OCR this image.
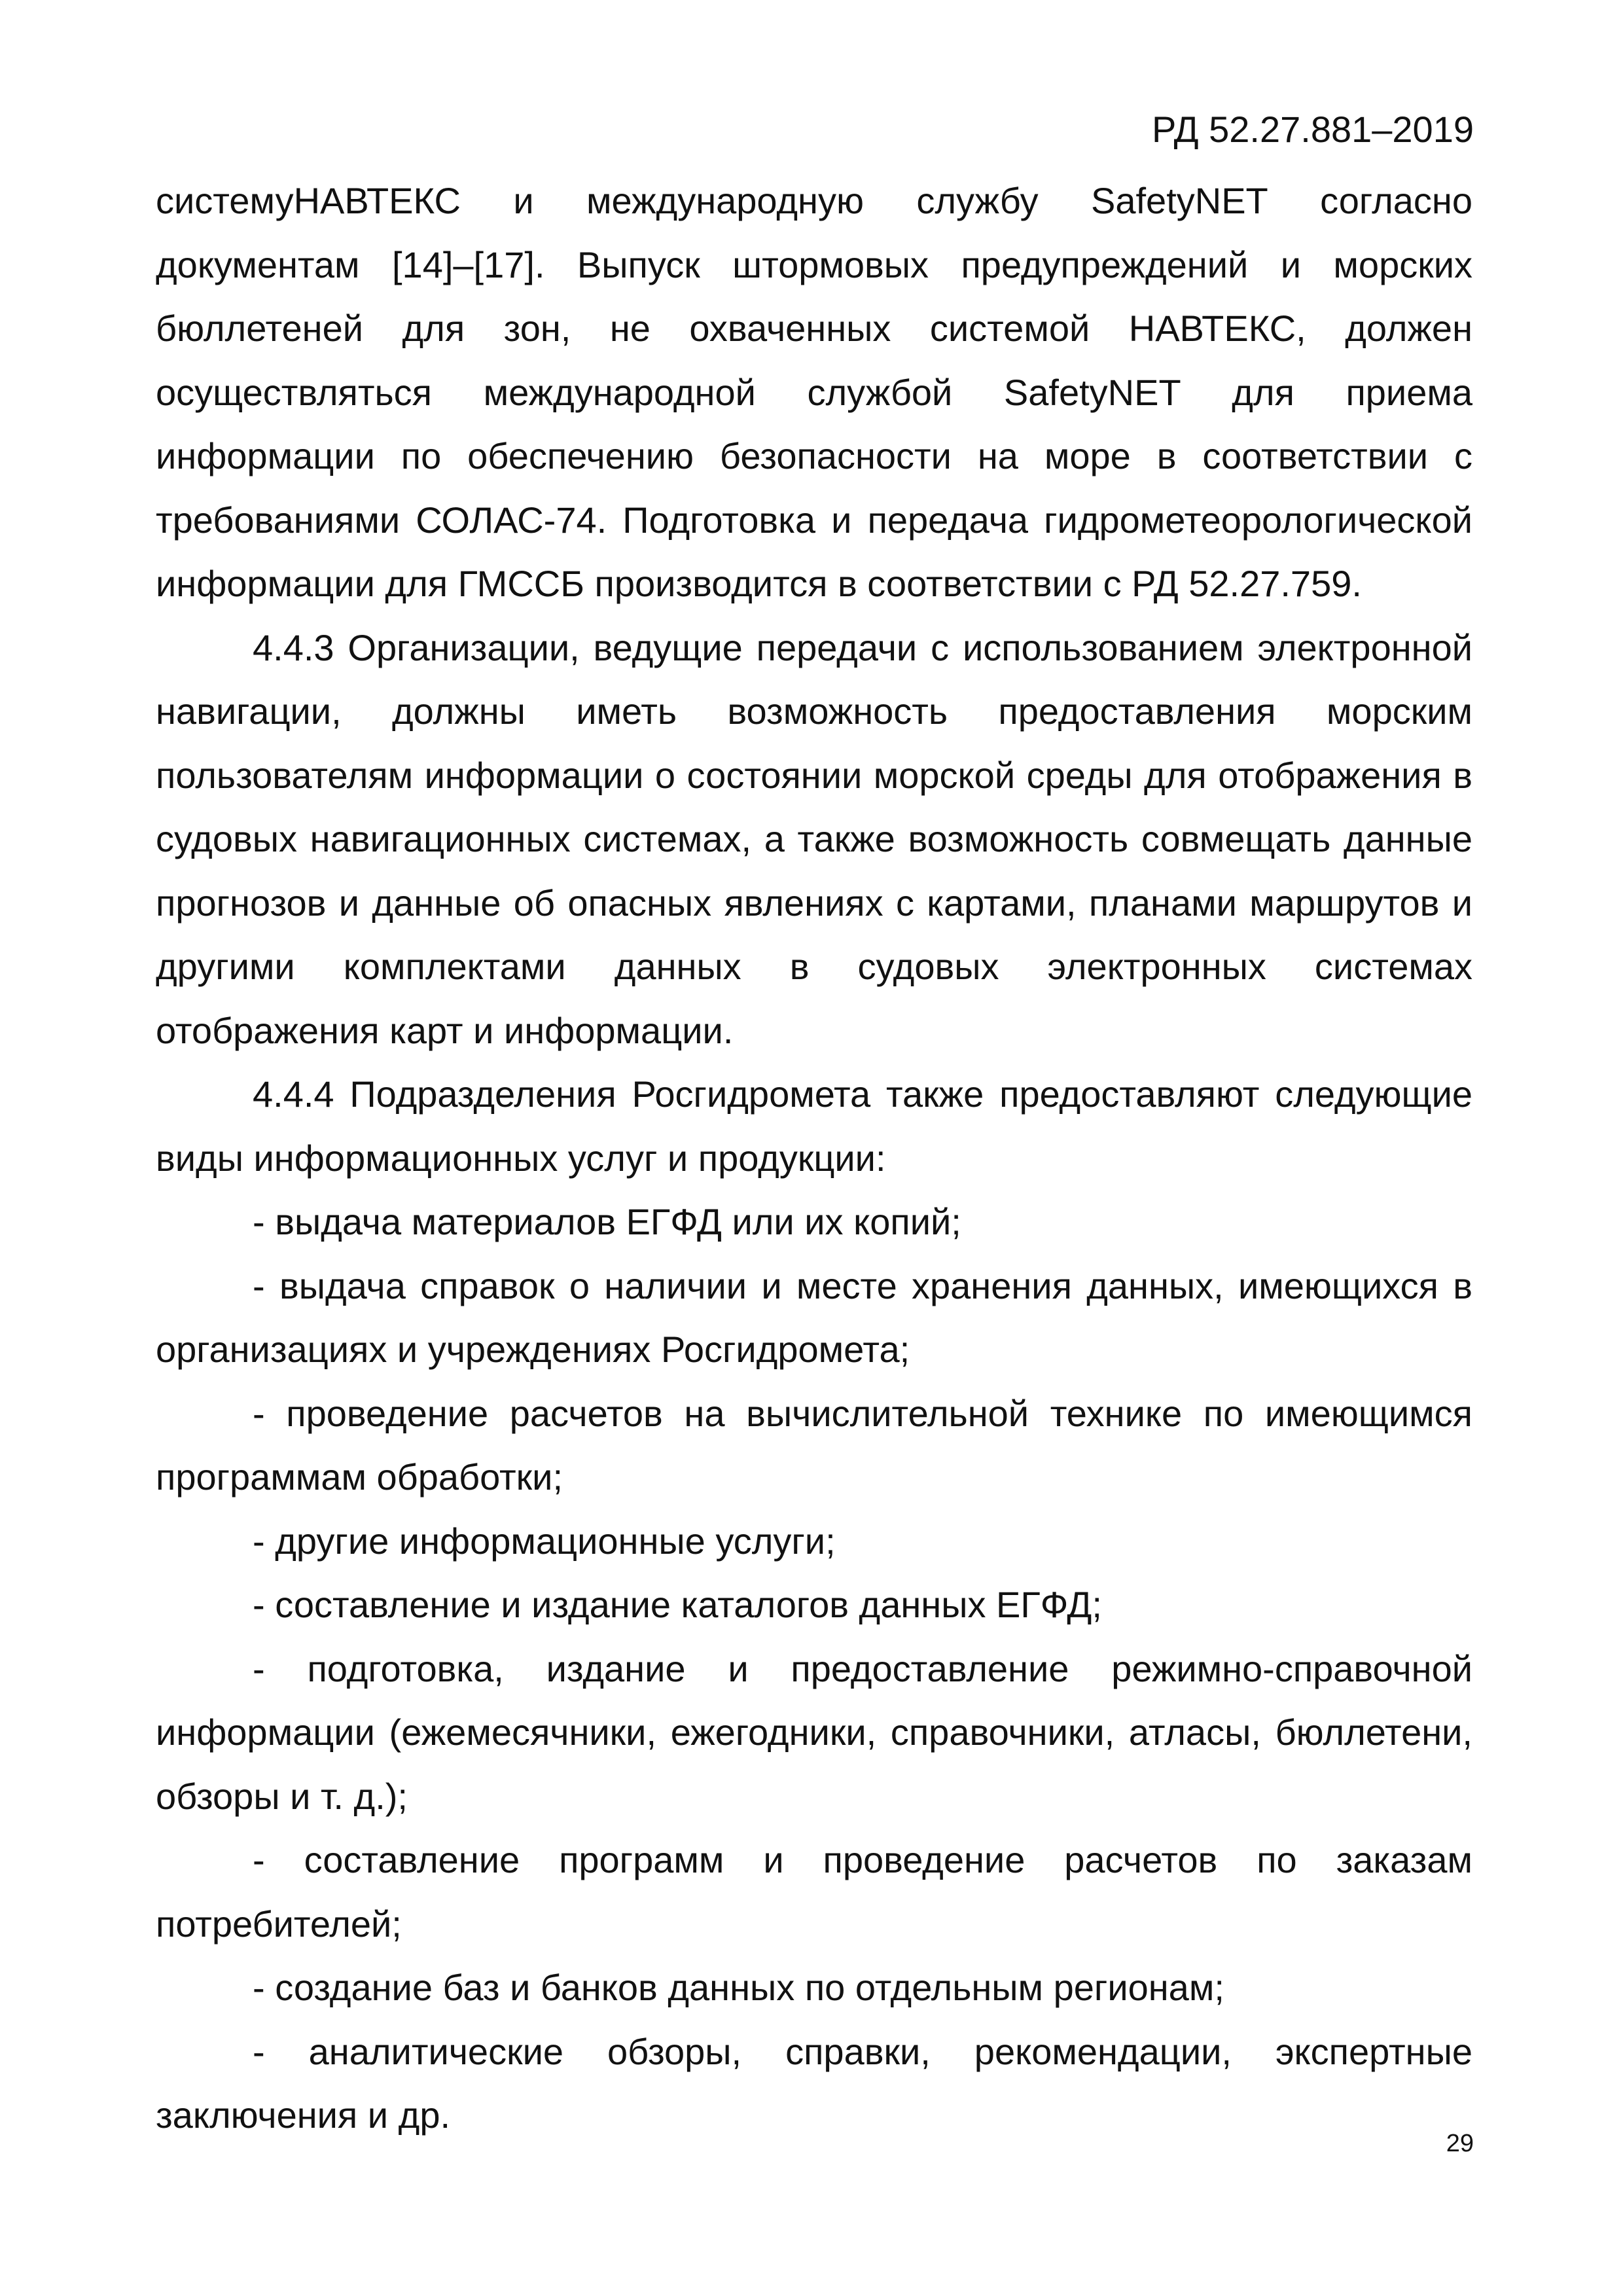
РД 52.27.881–2019

системуНАВТЕКС и международную службу SafetyNET согласно документам [14]–[17]. Выпуск штормовых предупреждений и морских бюллетеней для зон, не охваченных системой НАВТЕКС, должен осуществляться международной службой SafetyNET для приема информации по обеспечению безопасности на море в соответствии с требованиями СОЛАС-74. Подготовка и передача гидрометеорологической информации для ГМССБ производится в соответствии с РД 52.27.759.

4.4.3 Организации, ведущие передачи с использованием электронной навигации, должны иметь возможность предоставления морским пользователям информации о состоянии морской среды для отображения в судовых навигационных системах, а также возможность совмещать данные прогнозов и данные об опасных явлениях с картами, планами маршрутов и другими комплектами данных в судовых электронных системах отображения карт и информации.

4.4.4 Подразделения Росгидромета также предоставляют следующие виды информационных услуг и продукции:

- выдача материалов ЕГФД или их копий;

- выдача справок о наличии и месте хранения данных, имеющихся в организациях и учреждениях Росгидромета;

- проведение расчетов на вычислительной технике по имеющимся программам обработки;

- другие информационные услуги;

- составление и издание каталогов данных ЕГФД;

- подготовка, издание и предоставление режимно-справочной информации (ежемесячники, ежегодники, справочники, атласы, бюллетени, обзоры и т. д.);

- составление программ и проведение расчетов по заказам потребителей;

- создание баз и банков данных по отдельным регионам;

- аналитические обзоры, справки, рекомендации, экспертные заключения и др.

29
